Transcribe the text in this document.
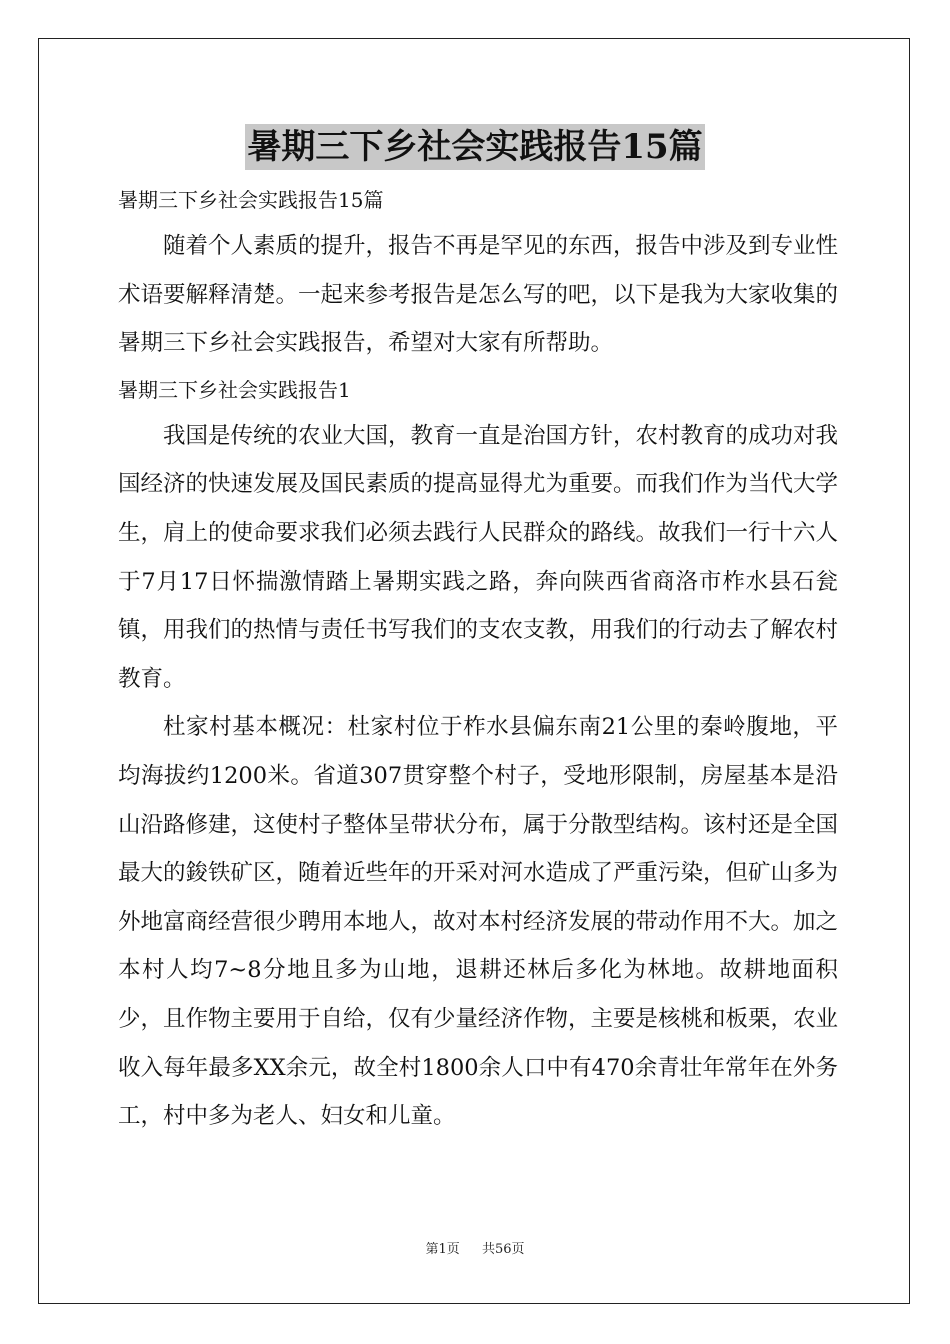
暑期三下乡社会实践报告15篇

暑期三下乡社会实践报告15篇

随着个人素质的提升，报告不再是罕见的东西，报告中涉及到专业性术语要解释清楚。一起来参考报告是怎么写的吧，以下是我为大家收集的暑期三下乡社会实践报告，希望对大家有所帮助。

暑期三下乡社会实践报告1

我国是传统的农业大国，教育一直是治国方针，农村教育的成功对我国经济的快速发展及国民素质的提高显得尤为重要。而我们作为当代大学生，肩上的使命要求我们必须去践行人民群众的路线。故我们一行十六人于7月17日怀揣激情踏上暑期实践之路，奔向陕西省商洛市柞水县石瓮镇，用我们的热情与责任书写我们的支农支教，用我们的行动去了解农村教育。

杜家村基本概况：杜家村位于柞水县偏东南21公里的秦岭腹地，平均海拔约1200米。省道307贯穿整个村子，受地形限制，房屋基本是沿山沿路修建，这使村子整体呈带状分布，属于分散型结构。该村还是全国最大的鋑铁矿区，随着近些年的开采对河水造成了严重污染，但矿山多为外地富商经营很少聘用本地人，故对本村经济发展的带动作用不大。加之本村人均7~8分地且多为山地，退耕还林后多化为林地。故耕地面积少，且作物主要用于自给，仅有少量经济作物，主要是核桃和板栗，农业收入每年最多XX余元，故全村1800余人口中有470余青壮年常年在外务工，村中多为老人、妇女和儿童。

第1页 共56页
